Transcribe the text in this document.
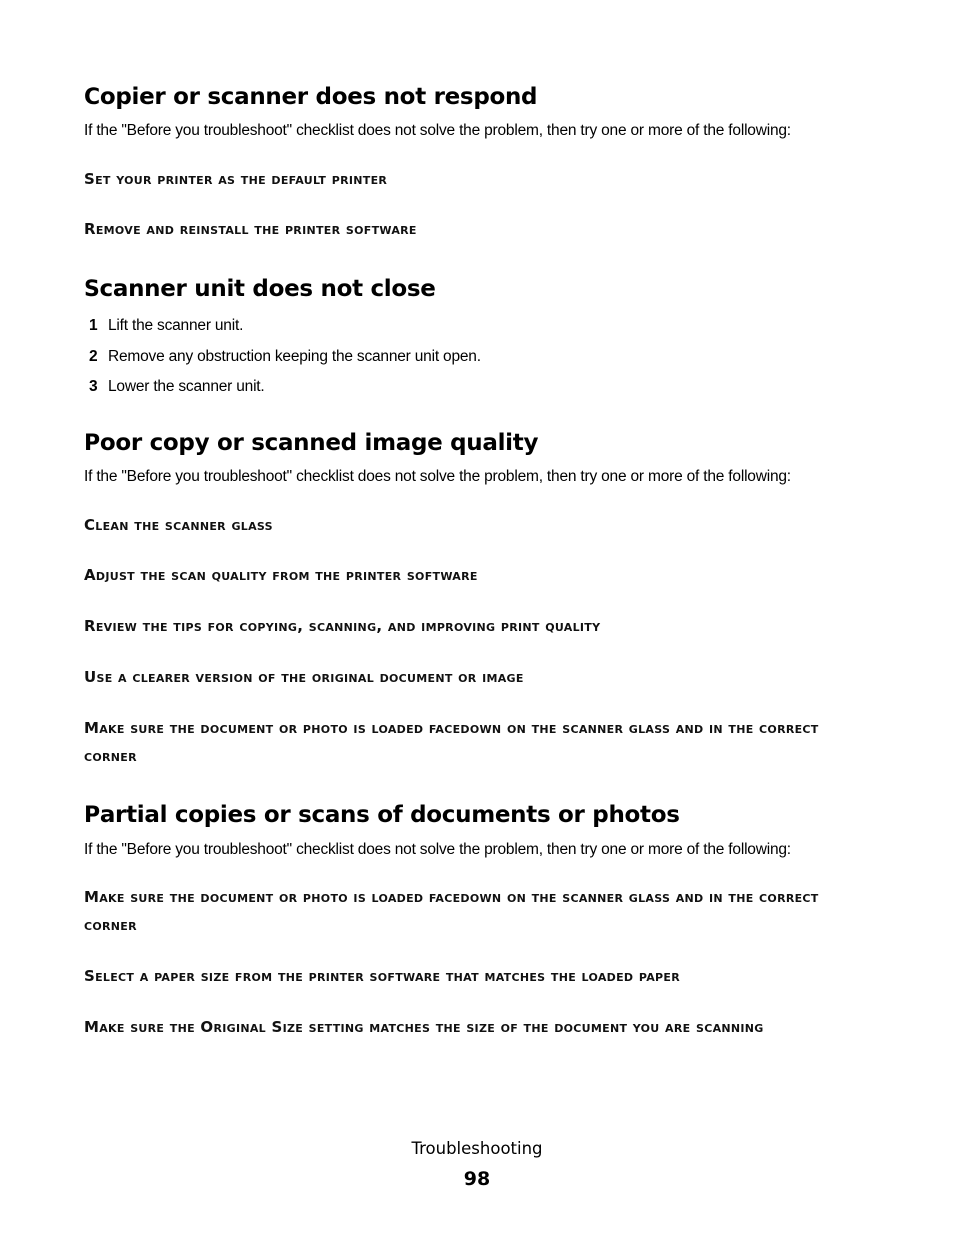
Copier or scanner does not respond

If the "Before you troubleshoot" checklist does not solve the problem, then try one or more of the following:

Set your printer as the default printer
Remove and reinstall the printer software
Scanner unit does not close
1 Lift the scanner unit.
2 Remove any obstruction keeping the scanner unit open.
3 Lower the scanner unit.
Poor copy or scanned image quality

If the "Before you troubleshoot" checklist does not solve the problem, then try one or more of the following:

Clean the scanner glass
Adjust the scan quality from the printer software
Review the tips for copying, scanning, and improving print quality
Use a clearer version of the original document or image
Make sure the document or photo is loaded facedown on the scanner glass and in the correct corner
Partial copies or scans of documents or photos

If the "Before you troubleshoot" checklist does not solve the problem, then try one or more of the following:

Make sure the document or photo is loaded facedown on the scanner glass and in the correct corner
Select a paper size from the printer software that matches the loaded paper
Make sure the Original Size setting matches the size of the document you are scanning
Troubleshooting
98
